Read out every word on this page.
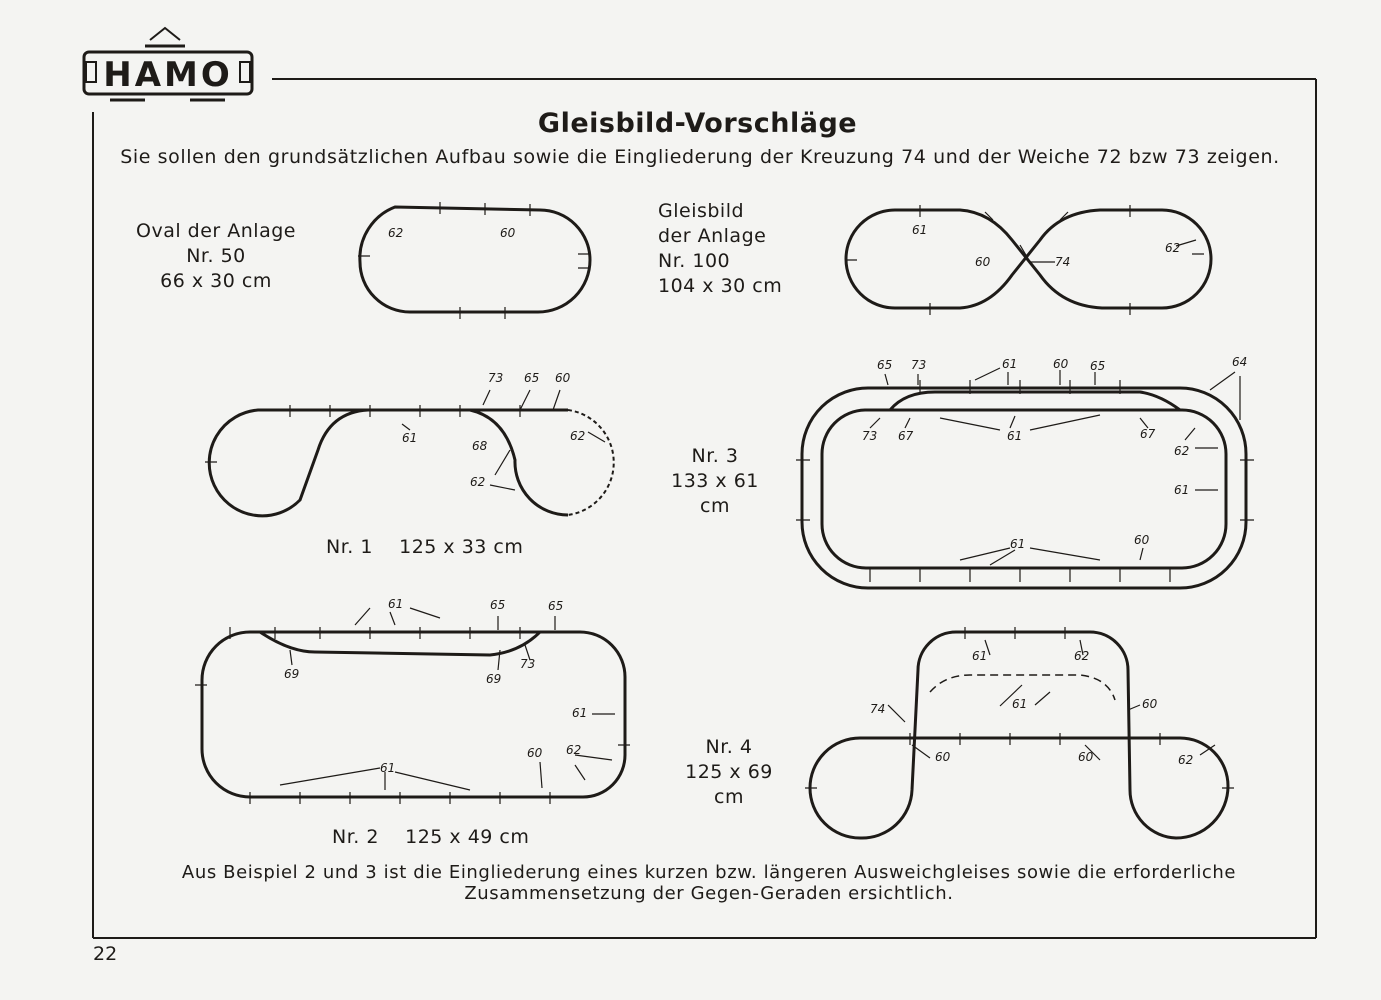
HAMO
Gleisbild-Vorschläge
Sie sollen den grundsätzlichen Aufbau sowie die Eingliederung der Kreuzung 74 und der Weiche 72 bzw 73 zeigen.
Oval der Anlage
Nr. 50
66 x 30 cm
Gleisbild
der Anlage
Nr. 100
104 x 30 cm
Nr. 1    125 x 33 cm
Nr. 3
133 x 61 cm
Nr. 2    125 x 49 cm
Nr. 4
125 x 69 cm
Aus Beispiel 2 und 3 ist die Eingliederung eines kurzen bzw. längeren Ausweichgleises sowie die erforderliche
Zusammensetzung der Gegen-Geraden ersichtlich.
22
62	60	61
60	74
62
73 65 60
61
68
62
62
61	65	65
69	69
73
61
60 62
61
65 73	61	60 65	64
73 67	61	67
62
61
61	60
61	62
74	61	60
60	60	62
